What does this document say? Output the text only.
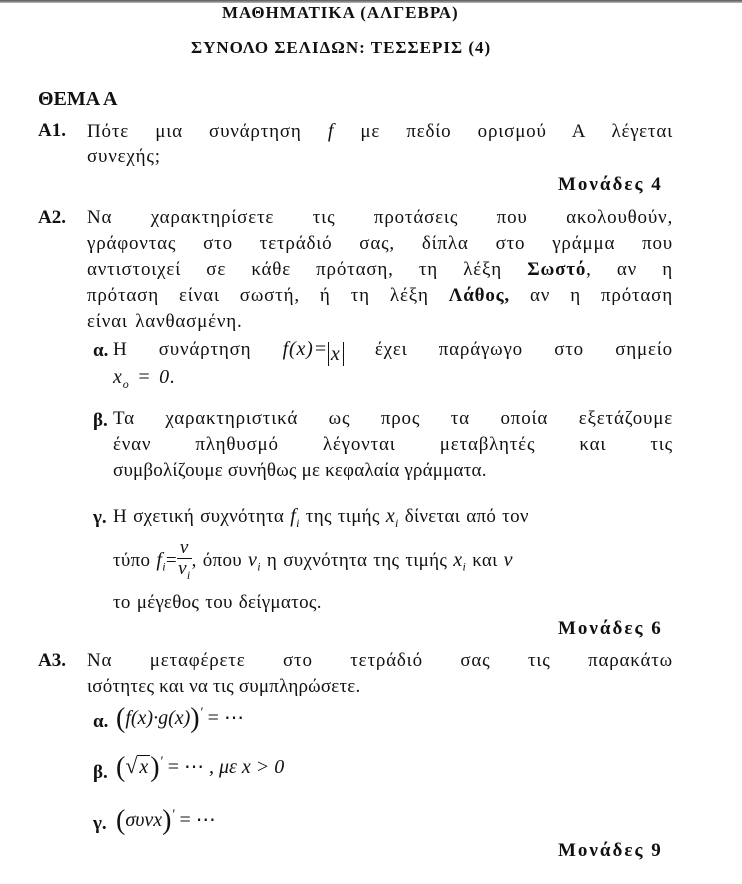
ΜΑΘΗΜΑΤΙΚΑ (ΑΛΓΕΒΡΑ)
ΣΥΝΟΛΟ ΣΕΛΙΔΩΝ: ΤΕΣΣΕΡΙΣ (4)
ΘΕΜΑ Α
Α1. Πότε μια συνάρτηση f με πεδίο ορισμού Α λέγεται
συνεχής;
Μονάδες 4
Α2. Να χαρακτηρίσετε τις προτάσεις που ακολουθούν,
γράφοντας στο τετράδιό σας, δίπλα στο γράμμα που
αντιστοιχεί σε κάθε πρόταση, τη λέξη Σωστό, αν η
πρόταση είναι σωστή, ή τη λέξη Λάθος, αν η πρόταση
είναι λανθασμένη.
α. Η συνάρτηση f(x)= x έχει παράγωγο στο σημείο
$x_o = 0$.
β. Τα χαρακτηριστικά ως προς τα οποία εξετάζουμε
έναν πληθυσμό λέγονται μεταβλητές και τις
συμβολίζουμε συνήθως με κεφαλαία γράμματα.
γ. Η σχετική συχνότητα $f_i$ της τιμής $x_i$ δίνεται από τον
τύπο $f_i= \frac{\nu}{\nu_i}$ , όπου $\nu_i$ η συχνότητα της τιμής $x_i$ και ν
το μέγεθος του δείγματος.
Μονάδες 6
Α3. Να μεταφέρετε στο τετράδιό σας τις παρακάτω
ισότητες και να τις συμπληρώσετε.
α. (f(x)·g(x))′ = ⋯
β. (√ x)′ = ⋯ , με x > 0
γ. (συνx)′ = ⋯
Μονάδες 9
